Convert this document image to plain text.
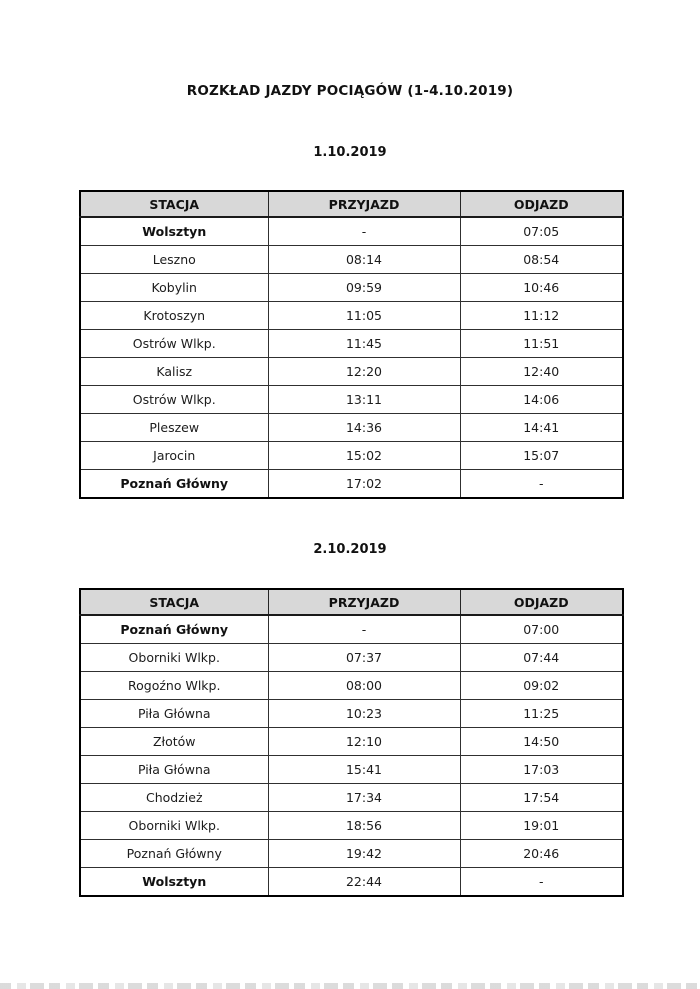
ROZKŁAD JAZDY POCIĄGÓW (1-4.10.2019)
1.10.2019
STACJA	PRZYJAZD	ODJAZD
Wolsztyn	-	07:05
Leszno	08:14	08:54
Kobylin	09:59	10:46
Krotoszyn	11:05	11:12
Ostrów Wlkp.	11:45	11:51
Kalisz	12:20	12:40
Ostrów Wlkp.	13:11	14:06
Pleszew	14:36	14:41
Jarocin	15:02	15:07
Poznań Główny	17:02	-
2.10.2019
STACJA	PRZYJAZD	ODJAZD
Poznań Główny	-	07:00
Oborniki Wlkp.	07:37	07:44
Rogoźno Wlkp.	08:00	09:02
Piła Główna	10:23	11:25
Złotów	12:10	14:50
Piła Główna	15:41	17:03
Chodzież	17:34	17:54
Oborniki Wlkp.	18:56	19:01
Poznań Główny	19:42	20:46
Wolsztyn	22:44	-
